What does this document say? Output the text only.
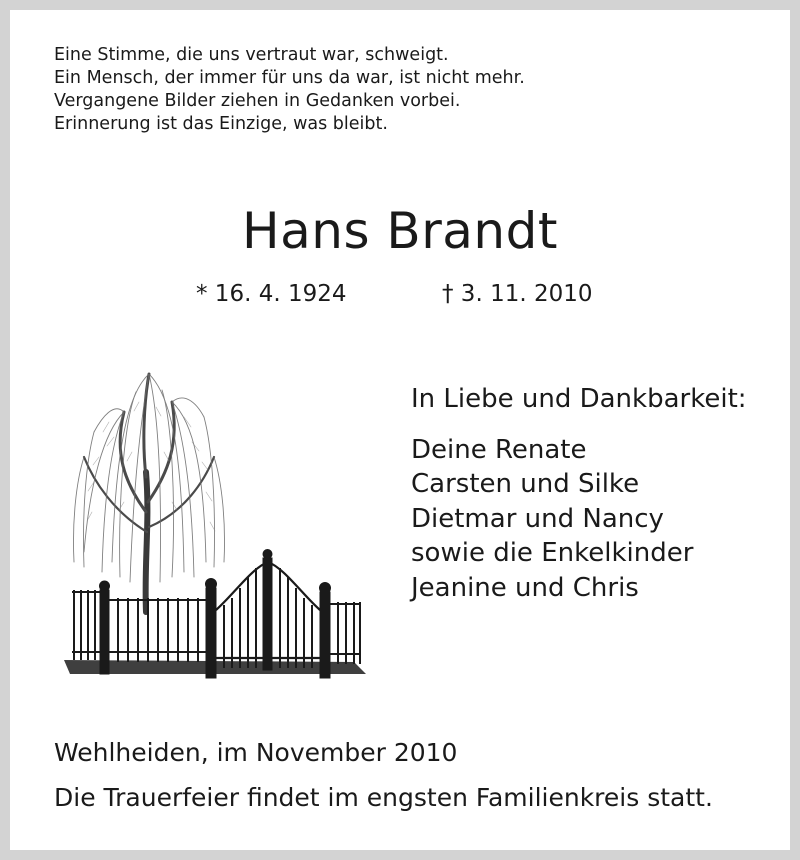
Eine Stimme, die uns vertraut war, schweigt.
Ein Mensch, der immer für uns da war, ist nicht mehr.
Vergangene Bilder ziehen in Gedanken vorbei.
Erinnerung ist das Einzige, was bleibt.
Hans Brandt
* 16. 4. 1924	† 3. 11. 2010
In Liebe und Dankbarkeit:
Deine Renate
Carsten und Silke
Dietmar und Nancy
sowie die Enkelkinder
Jeanine und Chris
Wehlheiden, im November 2010
Die Trauerfeier findet im engsten Familienkreis statt.
